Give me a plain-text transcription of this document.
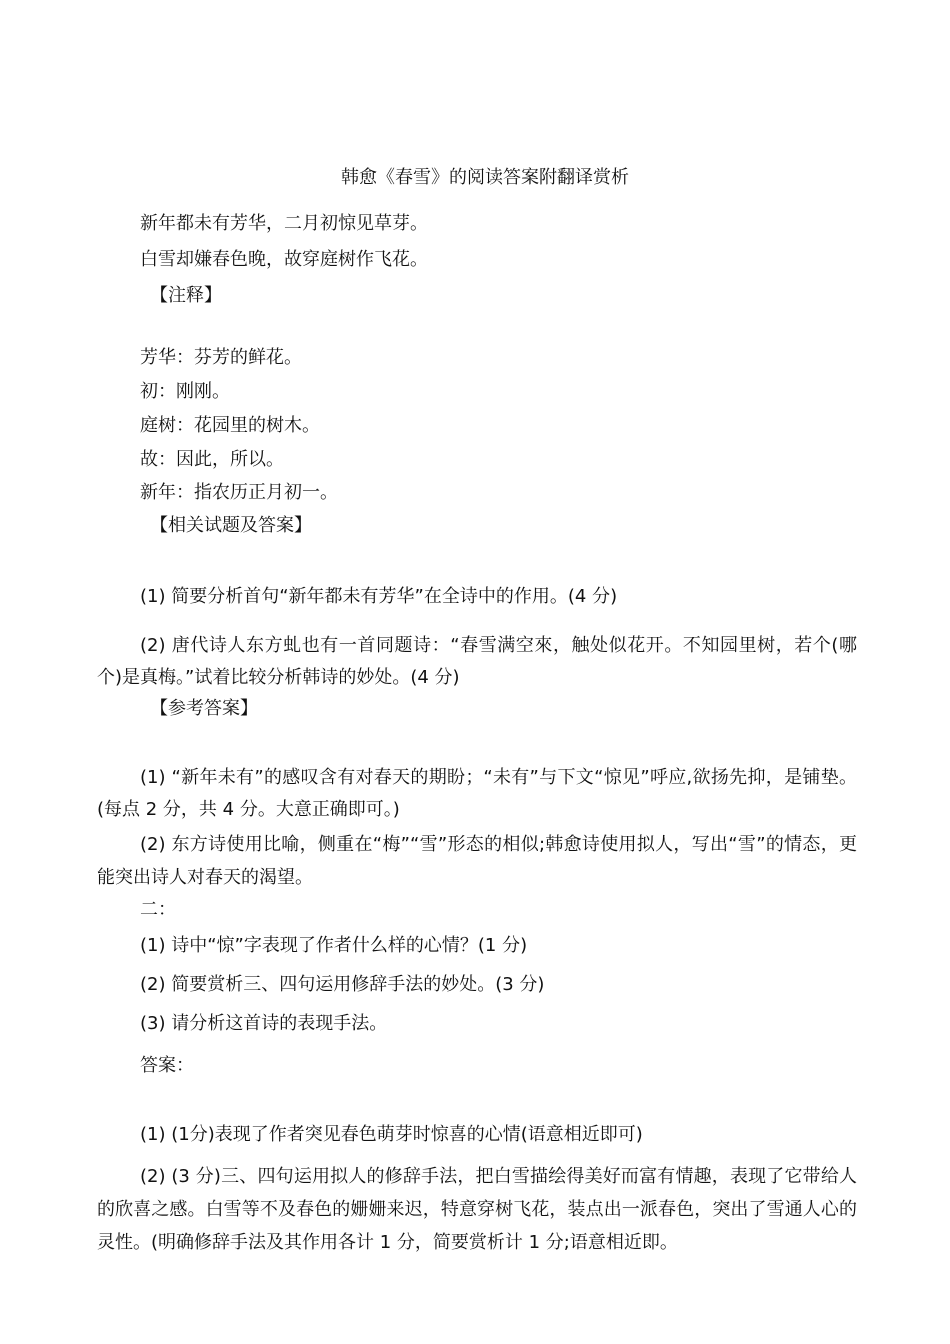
韩愈《春雪》的阅读答案附翻译赏析
新年都未有芳华，二月初惊见草芽。
白雪却嫌春色晚，故穿庭树作飞花。
【注释】
芳华：芬芳的鲜花。
初：刚刚。
庭树：花园里的树木。
故：因此，所以。
新年：指农历正月初一。
【相关试题及答案】
(1) 简要分析首句“新年都未有芳华”在全诗中的作用。(4 分)
(2) 唐代诗人东方虬也有一首同题诗：“春雪满空來，触处似花开。不知园里树，若个(哪个)是真梅。”试着比较分析韩诗的妙处。(4 分)
【参考答案】
(1) “新年未有”的感叹含有对春天的期盼；“未有”与下文“惊见”呼应,欲扬先抑，是铺垫。(每点 2 分，共 4 分。大意正确即可。)
(2) 东方诗使用比喻，侧重在“梅”“雪”形态的相似;韩愈诗使用拟人，写出“雪”的情态，更能突出诗人对春天的渴望。
二：
(1) 诗中“惊”字表现了作者什么样的心情？(1 分)
(2) 简要赏析三、四句运用修辞手法的妙处。(3 分)
(3) 请分析这首诗的表现手法。
答案：
(1) (1分)表现了作者突见春色萌芽时惊喜的心情(语意相近即可)
(2) (3 分)三、四句运用拟人的修辞手法，把白雪描绘得美好而富有情趣，表现了它带给人的欣喜之感。白雪等不及春色的姗姗来迟，特意穿树飞花，装点出一派春色，突出了雪通人心的灵性。(明确修辞手法及其作用各计 1 分，简要赏析计 1 分;语意相近即。
